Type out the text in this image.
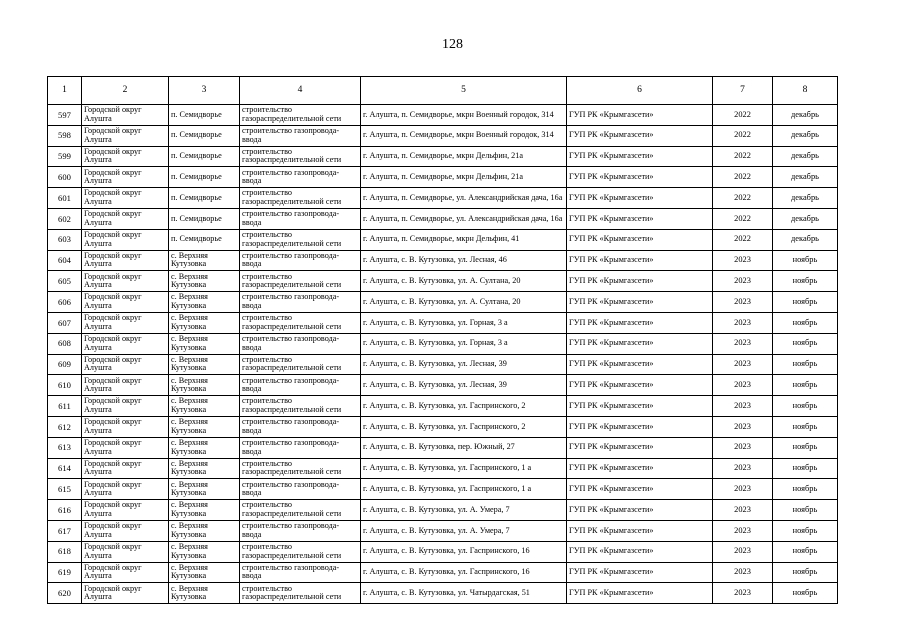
128
1	2	3	4	5	6	7	8
597	Городской округ Алушта	п. Семидворье	строительство газораспределительной сети	г. Алушта, п. Семидворье, мкрн Военный городок, 314	ГУП РК «Крымгазсети»	2022	декабрь
598	Городской округ Алушта	п. Семидворье	строительство газопровода-ввода	г. Алушта, п. Семидворье, мкрн Военный городок, 314	ГУП РК «Крымгазсети»	2022	декабрь
599	Городской округ Алушта	п. Семидворье	строительство газораспределительной сети	г. Алушта, п. Семидворье, мкрн Дельфин, 21а	ГУП РК «Крымгазсети»	2022	декабрь
600	Городской округ Алушта	п. Семидворье	строительство газопровода-ввода	г. Алушта, п. Семидворье, мкрн Дельфин, 21а	ГУП РК «Крымгазсети»	2022	декабрь
601	Городской округ Алушта	п. Семидворье	строительство газораспределительной сети	г. Алушта, п. Семидворье, ул. Александрийская дача, 16а	ГУП РК «Крымгазсети»	2022	декабрь
602	Городской округ Алушта	п. Семидворье	строительство газопровода-ввода	г. Алушта, п. Семидворье, ул. Александрийская дача, 16а	ГУП РК «Крымгазсети»	2022	декабрь
603	Городской округ Алушта	п. Семидворье	строительство газораспределительной сети	г. Алушта, п. Семидворье, мкрн Дельфин, 41	ГУП РК «Крымгазсети»	2022	декабрь
604	Городской округ Алушта	с. Верхняя Кутузовка	строительство газопровода-ввода	г. Алушта, с. В. Кутузовка, ул. Лесная, 46	ГУП РК «Крымгазсети»	2023	ноябрь
605	Городской округ Алушта	с. Верхняя Кутузовка	строительство газораспределительной сети	г. Алушта, с. В. Кутузовка, ул. А. Султана, 20	ГУП РК «Крымгазсети»	2023	ноябрь
606	Городской округ Алушта	с. Верхняя Кутузовка	строительство газопровода-ввода	г. Алушта, с. В. Кутузовка, ул. А. Султана, 20	ГУП РК «Крымгазсети»	2023	ноябрь
607	Городской округ Алушта	с. Верхняя Кутузовка	строительство газораспределительной сети	г. Алушта, с. В. Кутузовка, ул. Горная, 3 а	ГУП РК «Крымгазсети»	2023	ноябрь
608	Городской округ Алушта	с. Верхняя Кутузовка	строительство газопровода-ввода	г. Алушта, с. В. Кутузовка, ул. Горная, 3 а	ГУП РК «Крымгазсети»	2023	ноябрь
609	Городской округ Алушта	с. Верхняя Кутузовка	строительство газораспределительной сети	г. Алушта, с. В. Кутузовка, ул. Лесная, 39	ГУП РК «Крымгазсети»	2023	ноябрь
610	Городской округ Алушта	с. Верхняя Кутузовка	строительство газопровода-ввода	г. Алушта, с. В. Кутузовка, ул. Лесная, 39	ГУП РК «Крымгазсети»	2023	ноябрь
611	Городской округ Алушта	с. Верхняя Кутузовка	строительство газораспределительной сети	г. Алушта, с. В. Кутузовка, ул. Гаспринского, 2	ГУП РК «Крымгазсети»	2023	ноябрь
612	Городской округ Алушта	с. Верхняя Кутузовка	строительство газопровода-ввода	г. Алушта, с. В. Кутузовка, ул. Гаспринского, 2	ГУП РК «Крымгазсети»	2023	ноябрь
613	Городской округ Алушта	с. Верхняя Кутузовка	строительство газопровода-ввода	г. Алушта, с. В. Кутузовка, пер. Южный, 27	ГУП РК «Крымгазсети»	2023	ноябрь
614	Городской округ Алушта	с. Верхняя Кутузовка	строительство газораспределительной сети	г. Алушта, с. В. Кутузовка, ул. Гаспринского, 1 а	ГУП РК «Крымгазсети»	2023	ноябрь
615	Городской округ Алушта	с. Верхняя Кутузовка	строительство газопровода-ввода	г. Алушта, с. В. Кутузовка, ул. Гаспринского, 1 а	ГУП РК «Крымгазсети»	2023	ноябрь
616	Городской округ Алушта	с. Верхняя Кутузовка	строительство газораспределительной сети	г. Алушта, с. В. Кутузовка, ул. А. Умера, 7	ГУП РК «Крымгазсети»	2023	ноябрь
617	Городской округ Алушта	с. Верхняя Кутузовка	строительство газопровода-ввода	г. Алушта, с. В. Кутузовка, ул. А. Умера, 7	ГУП РК «Крымгазсети»	2023	ноябрь
618	Городской округ Алушта	с. Верхняя Кутузовка	строительство газораспределительной сети	г. Алушта, с. В. Кутузовка, ул. Гаспринского, 16	ГУП РК «Крымгазсети»	2023	ноябрь
619	Городской округ Алушта	с. Верхняя Кутузовка	строительство газопровода-ввода	г. Алушта, с. В. Кутузовка, ул. Гаспринского, 16	ГУП РК «Крымгазсети»	2023	ноябрь
620	Городской округ Алушта	с. Верхняя Кутузовка	строительство газораспределительной сети	г. Алушта, с. В. Кутузовка, ул. Чатырдагская, 51	ГУП РК «Крымгазсети»	2023	ноябрь
